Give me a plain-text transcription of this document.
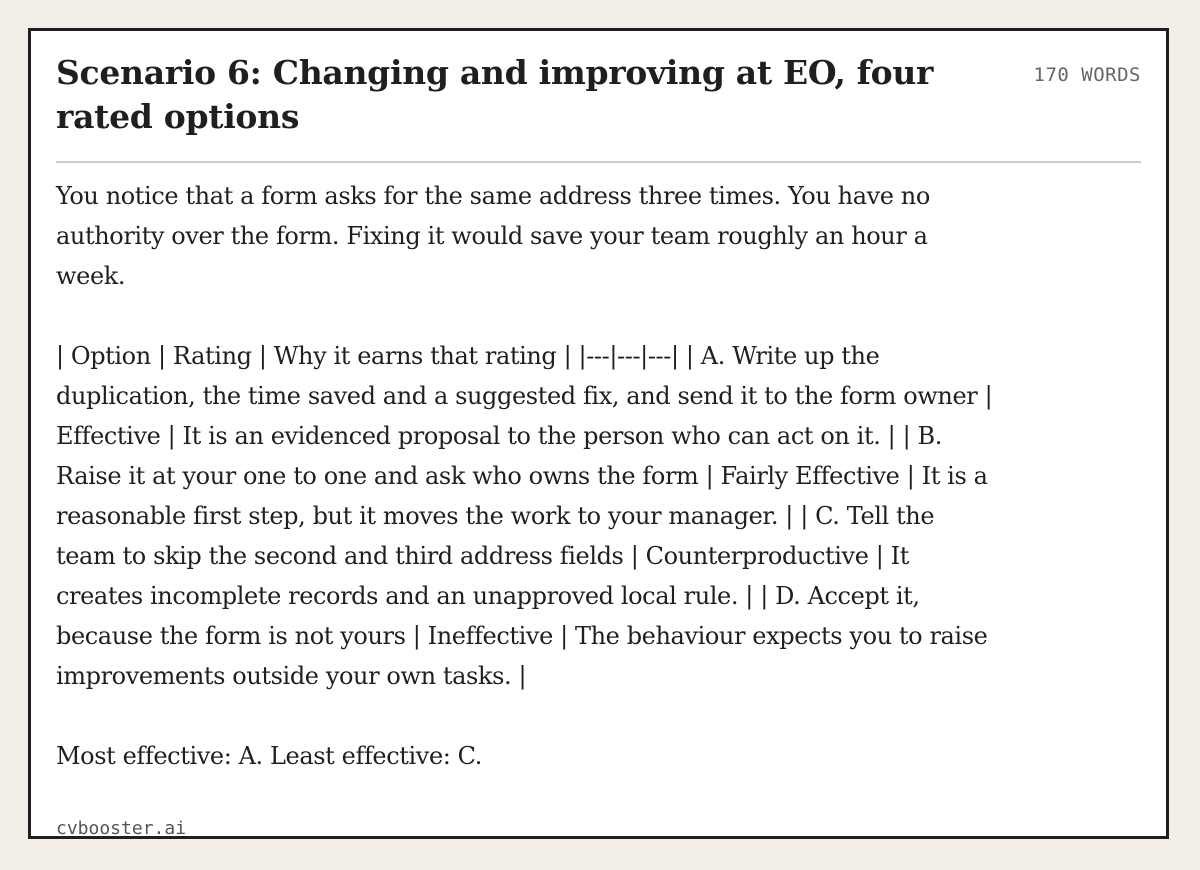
Scenario 6: Changing and improving at EO, four rated options
170 WORDS

You notice that a form asks for the same address three times. You have no authority over the form. Fixing it would save your team roughly an hour a week.

| Option | Rating | Why it earns that rating | |---|---|---| | A. Write up the duplication, the time saved and a suggested fix, and send it to the form owner | Effective | It is an evidenced proposal to the person who can act on it. | | B. Raise it at your one to one and ask who owns the form | Fairly Effective | It is a reasonable first step, but it moves the work to your manager. | | C. Tell the team to skip the second and third address fields | Counterproductive | It creates incomplete records and an unapproved local rule. | | D. Accept it, because the form is not yours | Ineffective | The behaviour expects you to raise improvements outside your own tasks. |

Most effective: A. Least effective: C.

cvbooster.ai
